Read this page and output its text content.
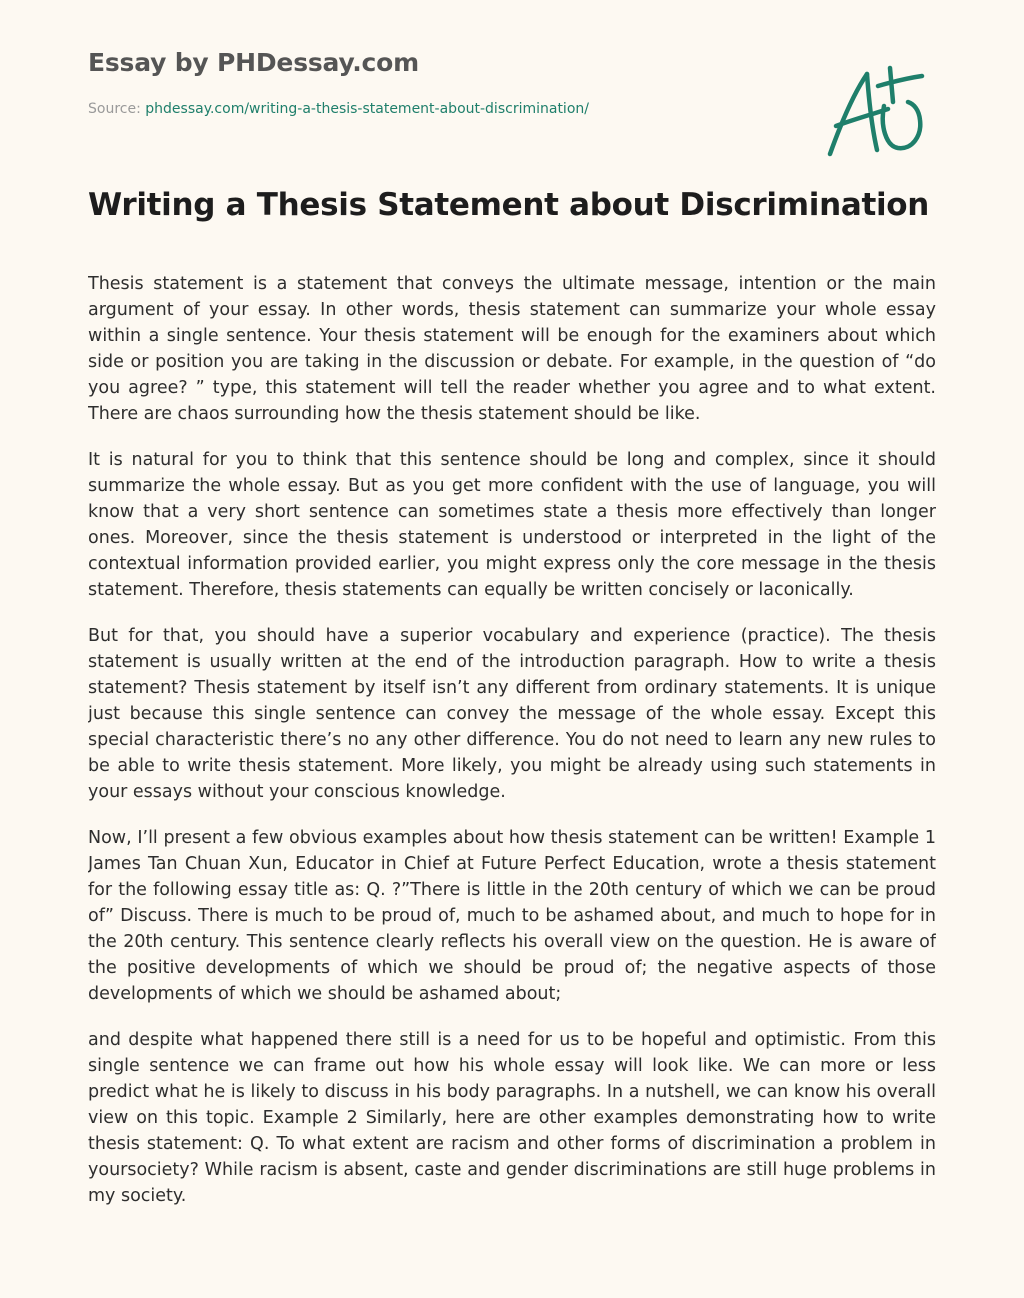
Essay by PHDessay.com
Source: phdessay.com/writing-a-thesis-statement-about-discrimination/
Writing a Thesis Statement about Discrimination

Thesis statement is a statement that conveys the ultimate message, intention or the main argument of your essay. In other words, thesis statement can summarize your whole essay within a single sentence. Your thesis statement will be enough for the examiners about which side or position you are taking in the discussion or debate. For example, in the question of “do you agree? ” type, this statement will tell the reader whether you agree and to what extent. There are chaos surrounding how the thesis statement should be like.

It is natural for you to think that this sentence should be long and complex, since it should summarize the whole essay. But as you get more confident with the use of language, you will know that a very short sentence can sometimes state a thesis more effectively than longer ones. Moreover, since the thesis statement is understood or interpreted in the light of the contextual information provided earlier, you might express only the core message in the thesis statement. Therefore, thesis statements can equally be written concisely or laconically.

But for that, you should have a superior vocabulary and experience (practice). The thesis statement is usually written at the end of the introduction paragraph. How to write a thesis statement? Thesis statement by itself isn’t any different from ordinary statements. It is unique just because this single sentence can convey the message of the whole essay. Except this special characteristic there’s no any other difference. You do not need to learn any new rules to be able to write thesis statement. More likely, you might be already using such statements in your essays without your conscious knowledge.

Now, I’ll present a few obvious examples about how thesis statement can be written! Example 1 James Tan Chuan Xun, Educator in Chief at Future Perfect Education, wrote a thesis statement for the following essay title as: Q. ?”There is little in the 20th century of which we can be proud of” Discuss. There is much to be proud of, much to be ashamed about, and much to hope for in the 20th century. This sentence clearly reflects his overall view on the question. He is aware of the positive developments of which we should be proud of; the negative aspects of those developments of which we should be ashamed about;

and despite what happened there still is a need for us to be hopeful and optimistic. From this single sentence we can frame out how his whole essay will look like. We can more or less predict what he is likely to discuss in his body paragraphs. In a nutshell, we can know his overall view on this topic. Example 2 Similarly, here are other examples demonstrating how to write thesis statement: Q. To what extent are racism and other forms of discrimination a problem in yoursociety? While racism is absent, caste and gender discriminations are still huge problems in my society.
